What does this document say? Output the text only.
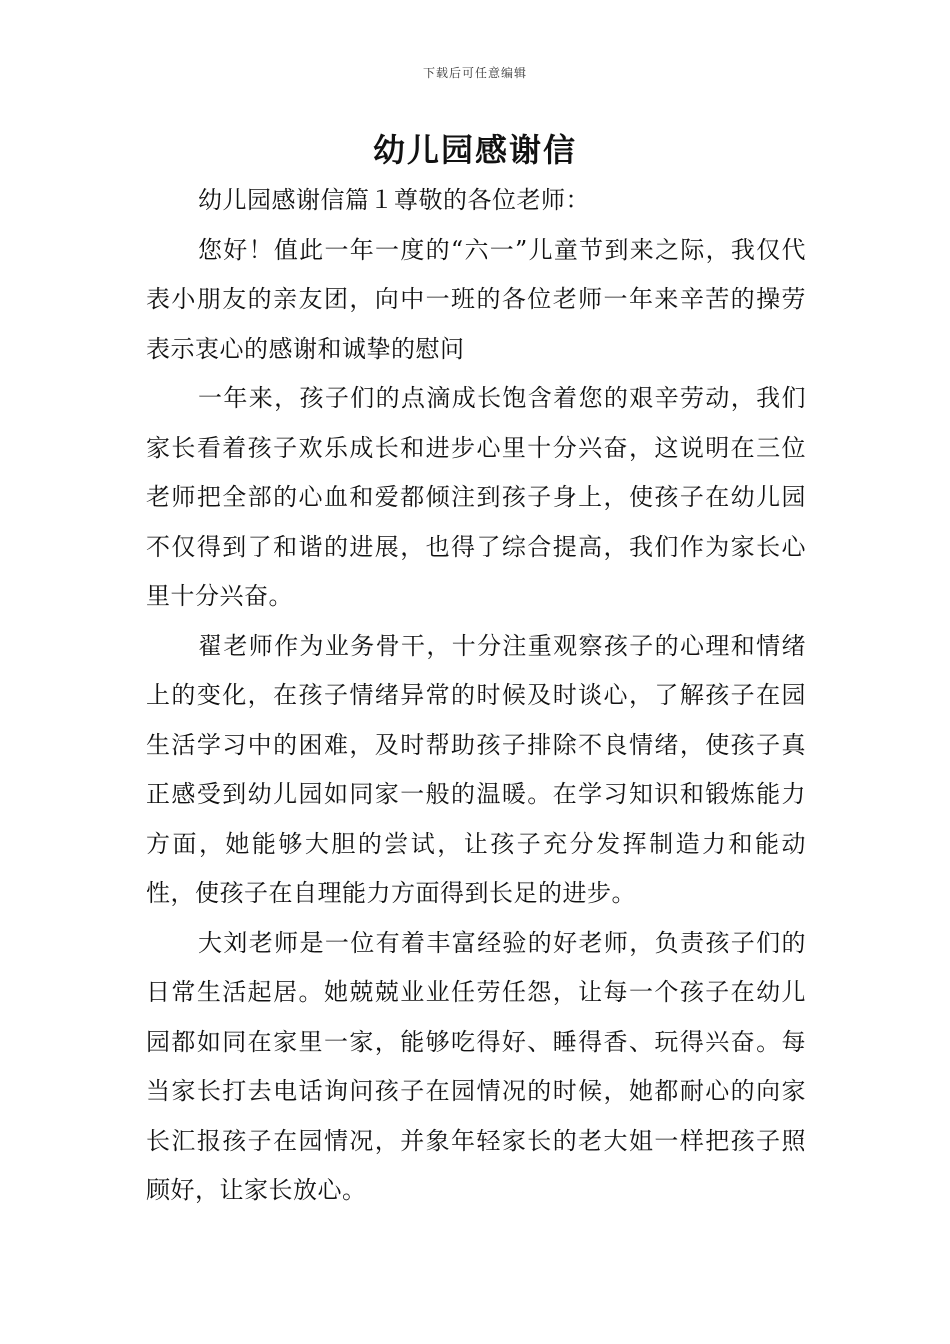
下载后可任意编辑
幼儿园感谢信

幼儿园感谢信篇１尊敬的各位老师：

您好！值此一年一度的“六一”儿童节到来之际，我仅代表小朋友的亲友团，向中一班的各位老师一年来辛苦的操劳表示衷心的感谢和诚挚的慰问

一年来，孩子们的点滴成长饱含着您的艰辛劳动，我们家长看着孩子欢乐成长和进步心里十分兴奋，这说明在三位老师把全部的心血和爱都倾注到孩子身上，使孩子在幼儿园不仅得到了和谐的进展，也得了综合提高，我们作为家长心里十分兴奋。

翟老师作为业务骨干，十分注重观察孩子的心理和情绪上的变化，在孩子情绪异常的时候及时谈心，了解孩子在园生活学习中的困难，及时帮助孩子排除不良情绪，使孩子真正感受到幼儿园如同家一般的温暖。在学习知识和锻炼能力方面，她能够大胆的尝试，让孩子充分发挥制造力和能动性，使孩子在自理能力方面得到长足的进步。

大刘老师是一位有着丰富经验的好老师，负责孩子们的日常生活起居。她兢兢业业任劳任怨，让每一个孩子在幼儿园都如同在家里一家，能够吃得好、睡得香、玩得兴奋。每当家长打去电话询问孩子在园情况的时候，她都耐心的向家长汇报孩子在园情况，并象年轻家长的老大姐一样把孩子照顾好，让家长放心。
